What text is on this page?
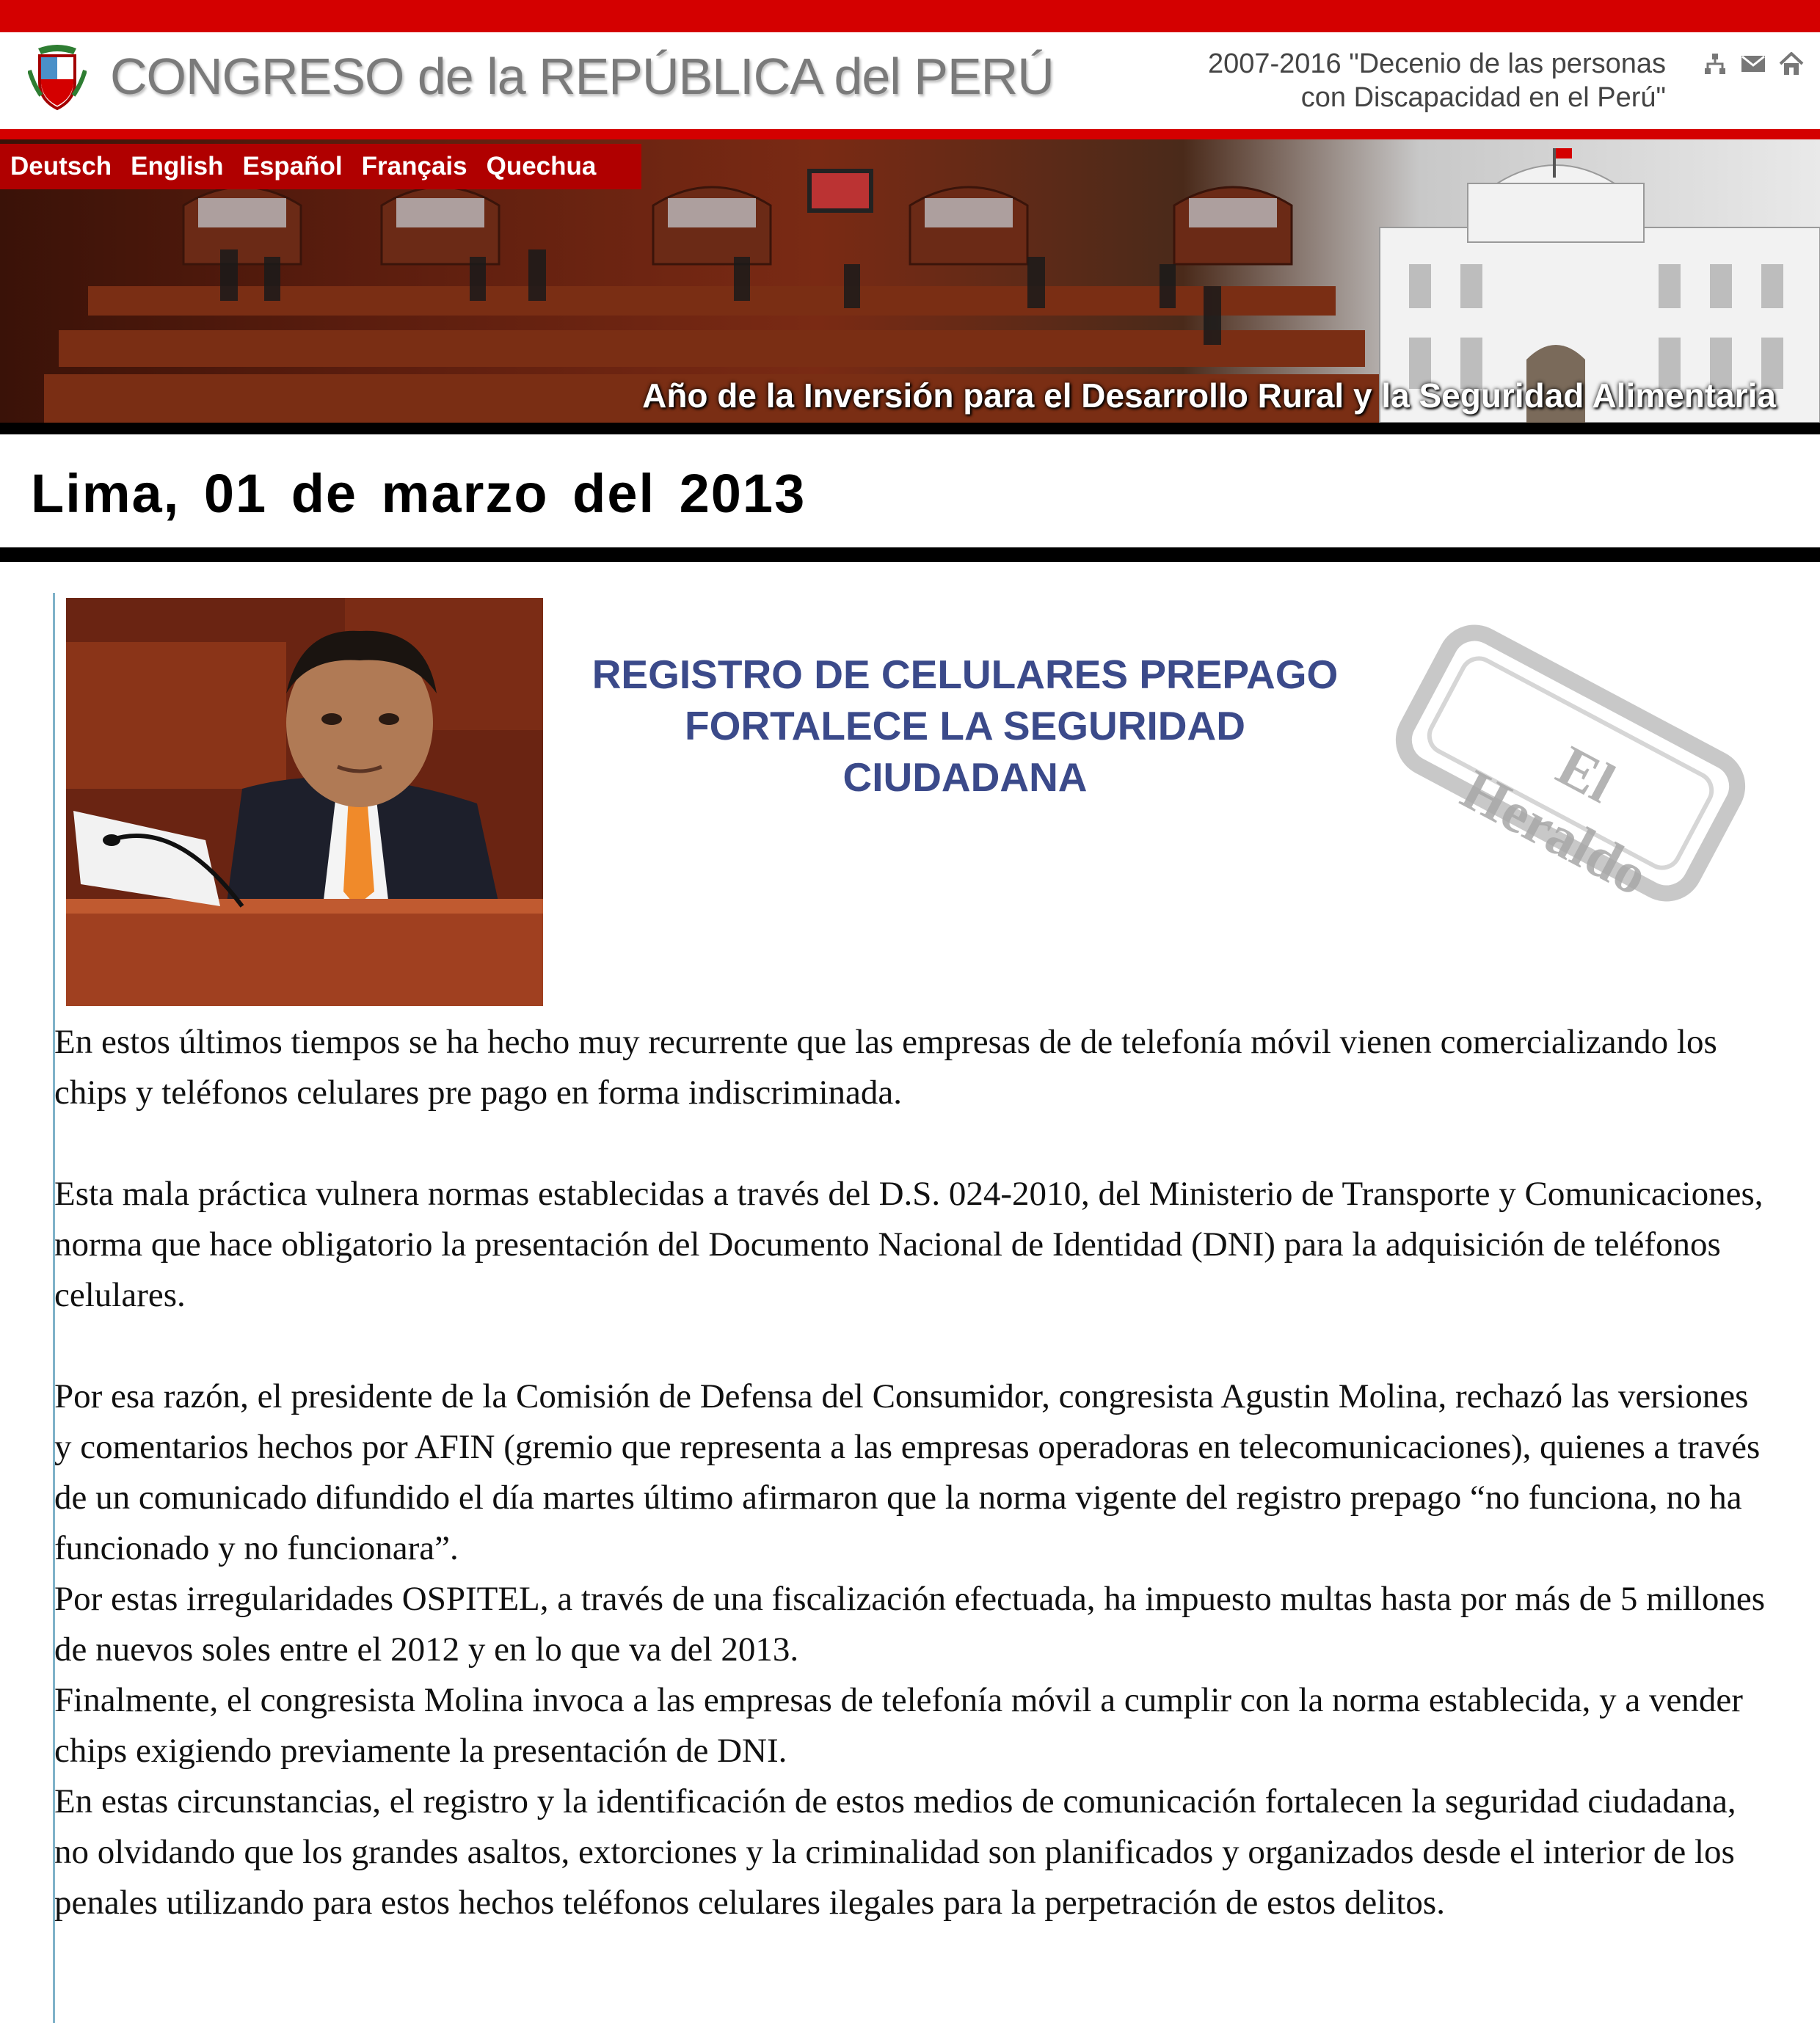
CONGRESO de la REPÚBLICA del PERÚ	2007-2016 "Decenio de las personas
con Discapacidad en el Perú"
Deutsch English Español Français Quechua
Año de la Inversión para el Desarrollo Rural y la Seguridad Alimentaria
Lima, 01 de marzo del 2013
REGISTRO DE CELULARES PREPAGO
FORTALECE LA SEGURIDAD
CIUDADANA	El Heraldo

En estos últimos tiempos se ha hecho muy recurrente que las empresas de de telefonía móvil vienen comercializando los chips y teléfonos celulares pre pago en forma indiscriminada.

Esta mala práctica vulnera normas establecidas a través del D.S. 024-2010, del Ministerio de Transporte y Comunicaciones, norma que hace obligatorio la presentación del Documento Nacional de Identidad (DNI) para la adquisición de teléfonos celulares.

Por esa razón, el presidente de la Comisión de Defensa del Consumidor, congresista Agustin Molina, rechazó las versiones y comentarios hechos por AFIN (gremio que representa a las empresas operadoras en telecomunicaciones), quienes a través de un comunicado difundido el día martes último afirmaron que la norma vigente del registro prepago “no funciona, no ha funcionado y no funcionara”.

Por estas irregularidades OSPITEL, a través de una fiscalización efectuada, ha impuesto multas hasta por más de 5 millones de nuevos soles entre el 2012 y en lo que va del 2013.

Finalmente, el congresista Molina invoca a las empresas de telefonía móvil a cumplir con la norma establecida, y a vender chips exigiendo previamente la presentación de DNI.

En estas circunstancias, el registro y la identificación de estos medios de comunicación fortalecen la seguridad ciudadana, no olvidando que los grandes asaltos, extorciones y la criminalidad son planificados y organizados desde el interior de los penales utilizando para estos hechos teléfonos celulares ilegales para la perpetración de estos delitos.
